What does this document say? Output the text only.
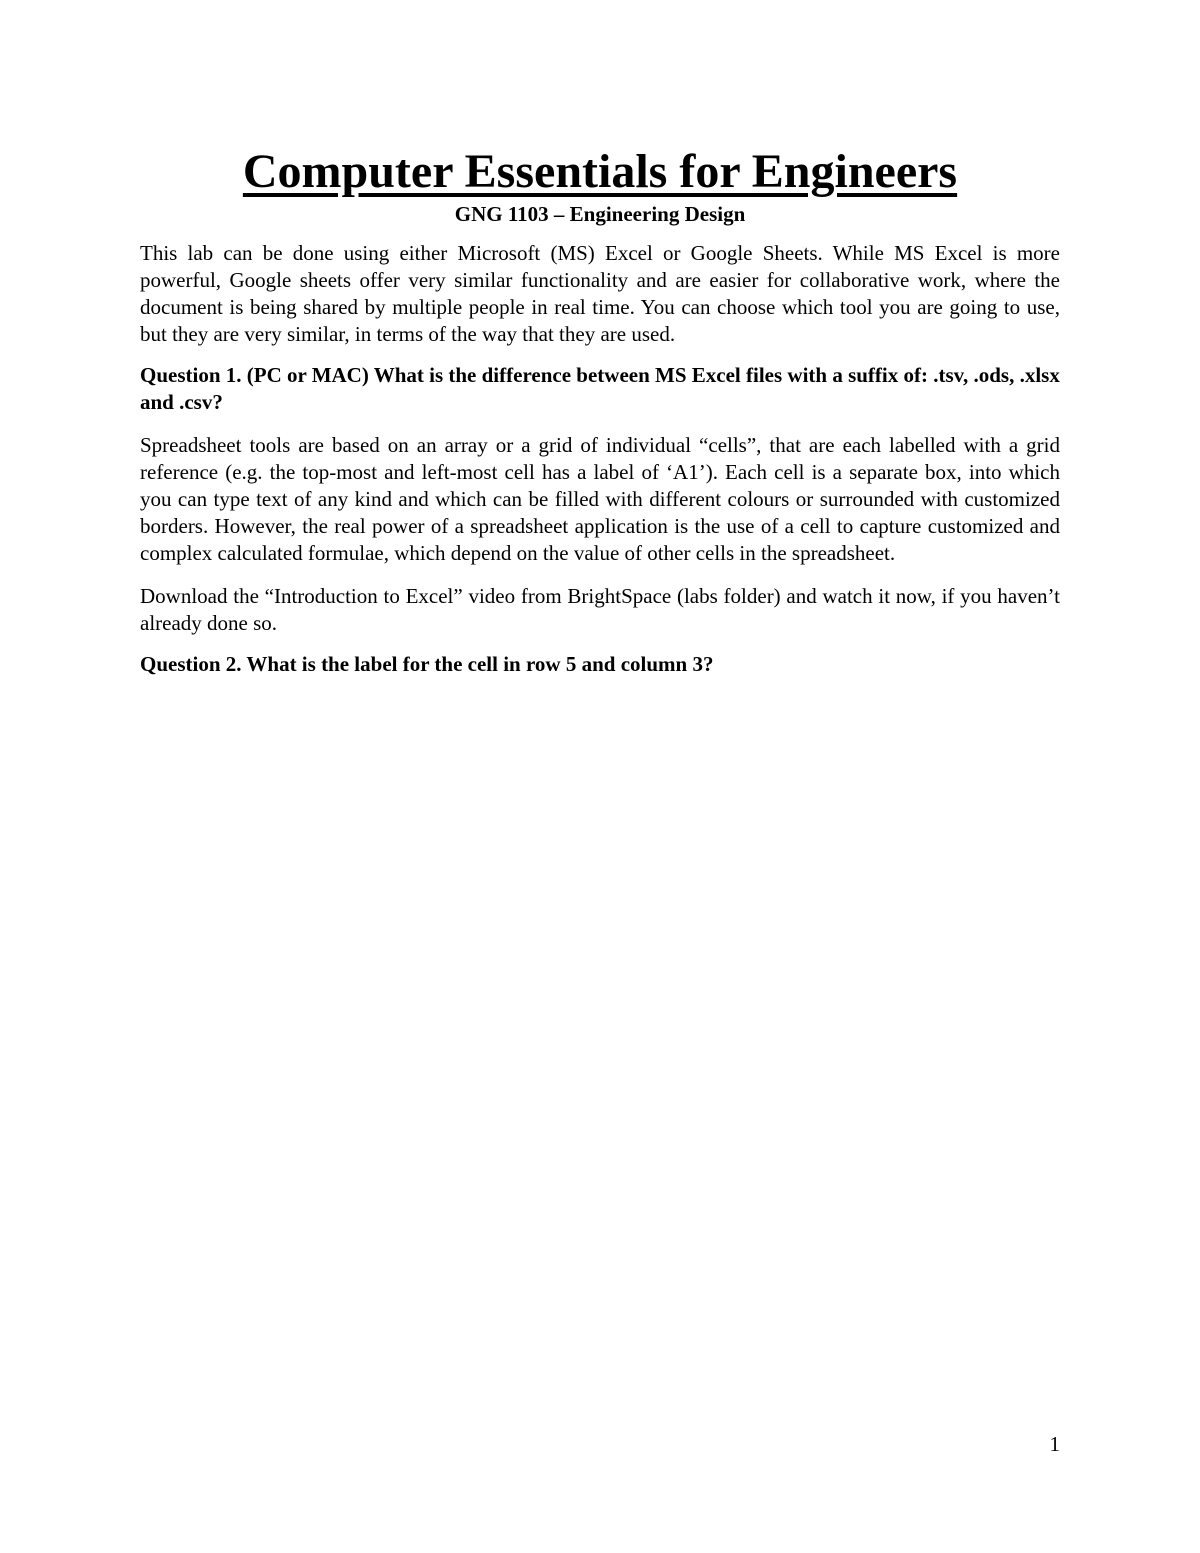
Computer Essentials for Engineers

GNG 1103 – Engineering Design

This lab can be done using either Microsoft (MS) Excel or Google Sheets. While MS Excel is more powerful, Google sheets offer very similar functionality and are easier for collaborative work, where the document is being shared by multiple people in real time. You can choose which tool you are going to use, but they are very similar, in terms of the way that they are used.

Question 1. (PC or MAC) What is the difference between MS Excel files with a suffix of: .tsv, .ods, .xlsx and .csv?

Spreadsheet tools are based on an array or a grid of individual “cells”, that are each labelled with a grid reference (e.g. the top-most and left-most cell has a label of ‘A1’). Each cell is a separate box, into which you can type text of any kind and which can be filled with different colours or surrounded with customized borders. However, the real power of a spreadsheet application is the use of a cell to capture customized and complex calculated formulae, which depend on the value of other cells in the spreadsheet.

Download the “Introduction to Excel” video from BrightSpace (labs folder) and watch it now, if you haven’t already done so.

Question 2. What is the label for the cell in row 5 and column 3?

1
